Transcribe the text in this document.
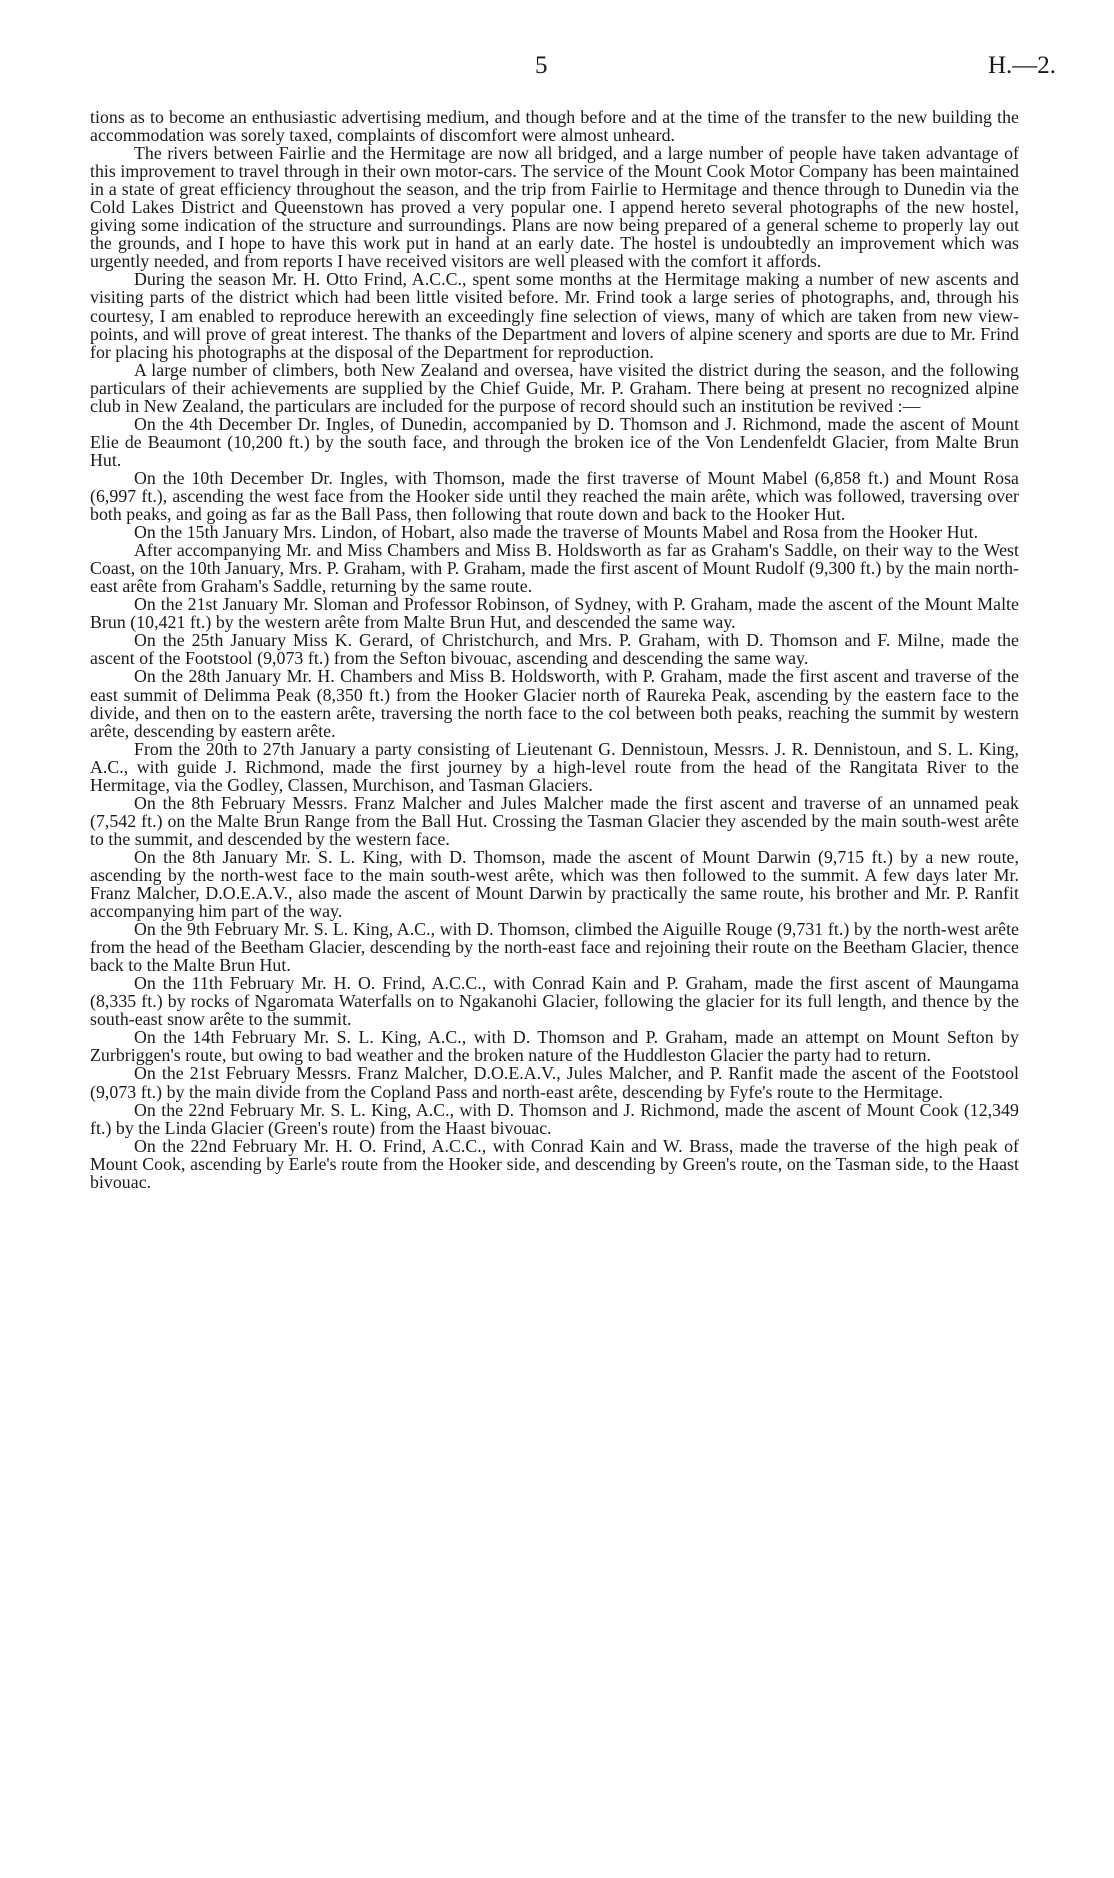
5	H.—2.

tions as to become an enthusiastic advertising medium, and though before and at the time of the transfer to the new building the accommodation was sorely taxed, complaints of discomfort were almost unheard.

The rivers between Fairlie and the Hermitage are now all bridged, and a large number of people have taken advantage of this improvement to travel through in their own motor-cars. The service of the Mount Cook Motor Company has been maintained in a state of great efficiency throughout the season, and the trip from Fairlie to Hermitage and thence through to Dunedin via the Cold Lakes District and Queenstown has proved a very popular one. I append hereto several photographs of the new hostel, giving some indication of the structure and surroundings. Plans are now being prepared of a general scheme to properly lay out the grounds, and I hope to have this work put in hand at an early date. The hostel is undoubtedly an improvement which was urgently needed, and from reports I have received visitors are well pleased with the comfort it affords.

During the season Mr. H. Otto Frind, A.C.C., spent some months at the Hermitage making a number of new ascents and visiting parts of the district which had been little visited before. Mr. Frind took a large series of photographs, and, through his courtesy, I am enabled to reproduce herewith an exceedingly fine selection of views, many of which are taken from new view-points, and will prove of great interest. The thanks of the Department and lovers of alpine scenery and sports are due to Mr. Frind for placing his photographs at the disposal of the Department for reproduction.

A large number of climbers, both New Zealand and oversea, have visited the district during the season, and the following particulars of their achievements are supplied by the Chief Guide, Mr. P. Graham. There being at present no recognized alpine club in New Zealand, the particulars are included for the purpose of record should such an institution be revived :—

On the 4th December Dr. Ingles, of Dunedin, accompanied by D. Thomson and J. Richmond, made the ascent of Mount Elie de Beaumont (10,200 ft.) by the south face, and through the broken ice of the Von Lendenfeldt Glacier, from Malte Brun Hut.

On the 10th December Dr. Ingles, with Thomson, made the first traverse of Mount Mabel (6,858 ft.) and Mount Rosa (6,997 ft.), ascending the west face from the Hooker side until they reached the main arête, which was followed, traversing over both peaks, and going as far as the Ball Pass, then following that route down and back to the Hooker Hut.

On the 15th January Mrs. Lindon, of Hobart, also made the traverse of Mounts Mabel and Rosa from the Hooker Hut.

After accompanying Mr. and Miss Chambers and Miss B. Holdsworth as far as Graham's Saddle, on their way to the West Coast, on the 10th January, Mrs. P. Graham, with P. Graham, made the first ascent of Mount Rudolf (9,300 ft.) by the main north-east arête from Graham's Saddle, returning by the same route.

On the 21st January Mr. Sloman and Professor Robinson, of Sydney, with P. Graham, made the ascent of the Mount Malte Brun (10,421 ft.) by the western arête from Malte Brun Hut, and descended the same way.

On the 25th January Miss K. Gerard, of Christchurch, and Mrs. P. Graham, with D. Thomson and F. Milne, made the ascent of the Footstool (9,073 ft.) from the Sefton bivouac, ascending and descending the same way.

On the 28th January Mr. H. Chambers and Miss B. Holdsworth, with P. Graham, made the first ascent and traverse of the east summit of Delimma Peak (8,350 ft.) from the Hooker Glacier north of Raureka Peak, ascending by the eastern face to the divide, and then on to the eastern arête, traversing the north face to the col between both peaks, reaching the summit by western arête, descending by eastern arête.

From the 20th to 27th January a party consisting of Lieutenant G. Dennistoun, Messrs. J. R. Dennistoun, and S. L. King, A.C., with guide J. Richmond, made the first journey by a high-level route from the head of the Rangitata River to the Hermitage, via the Godley, Classen, Murchison, and Tasman Glaciers.

On the 8th February Messrs. Franz Malcher and Jules Malcher made the first ascent and traverse of an unnamed peak (7,542 ft.) on the Malte Brun Range from the Ball Hut. Crossing the Tasman Glacier they ascended by the main south-west arête to the summit, and descended by the western face.

On the 8th January Mr. S. L. King, with D. Thomson, made the ascent of Mount Darwin (9,715 ft.) by a new route, ascending by the north-west face to the main south-west arête, which was then followed to the summit. A few days later Mr. Franz Malcher, D.O.E.A.V., also made the ascent of Mount Darwin by practically the same route, his brother and Mr. P. Ranfit accompanying him part of the way.

On the 9th February Mr. S. L. King, A.C., with D. Thomson, climbed the Aiguille Rouge (9,731 ft.) by the north-west arête from the head of the Beetham Glacier, descending by the north-east face and rejoining their route on the Beetham Glacier, thence back to the Malte Brun Hut.

On the 11th February Mr. H. O. Frind, A.C.C., with Conrad Kain and P. Graham, made the first ascent of Maungama (8,335 ft.) by rocks of Ngaromata Waterfalls on to Ngakanohi Glacier, following the glacier for its full length, and thence by the south-east snow arête to the summit.

On the 14th February Mr. S. L. King, A.C., with D. Thomson and P. Graham, made an attempt on Mount Sefton by Zurbriggen's route, but owing to bad weather and the broken nature of the Huddleston Glacier the party had to return.

On the 21st February Messrs. Franz Malcher, D.O.E.A.V., Jules Malcher, and P. Ranfit made the ascent of the Footstool (9,073 ft.) by the main divide from the Copland Pass and north-east arête, descending by Fyfe's route to the Hermitage.

On the 22nd February Mr. S. L. King, A.C., with D. Thomson and J. Richmond, made the ascent of Mount Cook (12,349 ft.) by the Linda Glacier (Green's route) from the Haast bivouac.

On the 22nd February Mr. H. O. Frind, A.C.C., with Conrad Kain and W. Brass, made the traverse of the high peak of Mount Cook, ascending by Earle's route from the Hooker side, and descending by Green's route, on the Tasman side, to the Haast bivouac.
